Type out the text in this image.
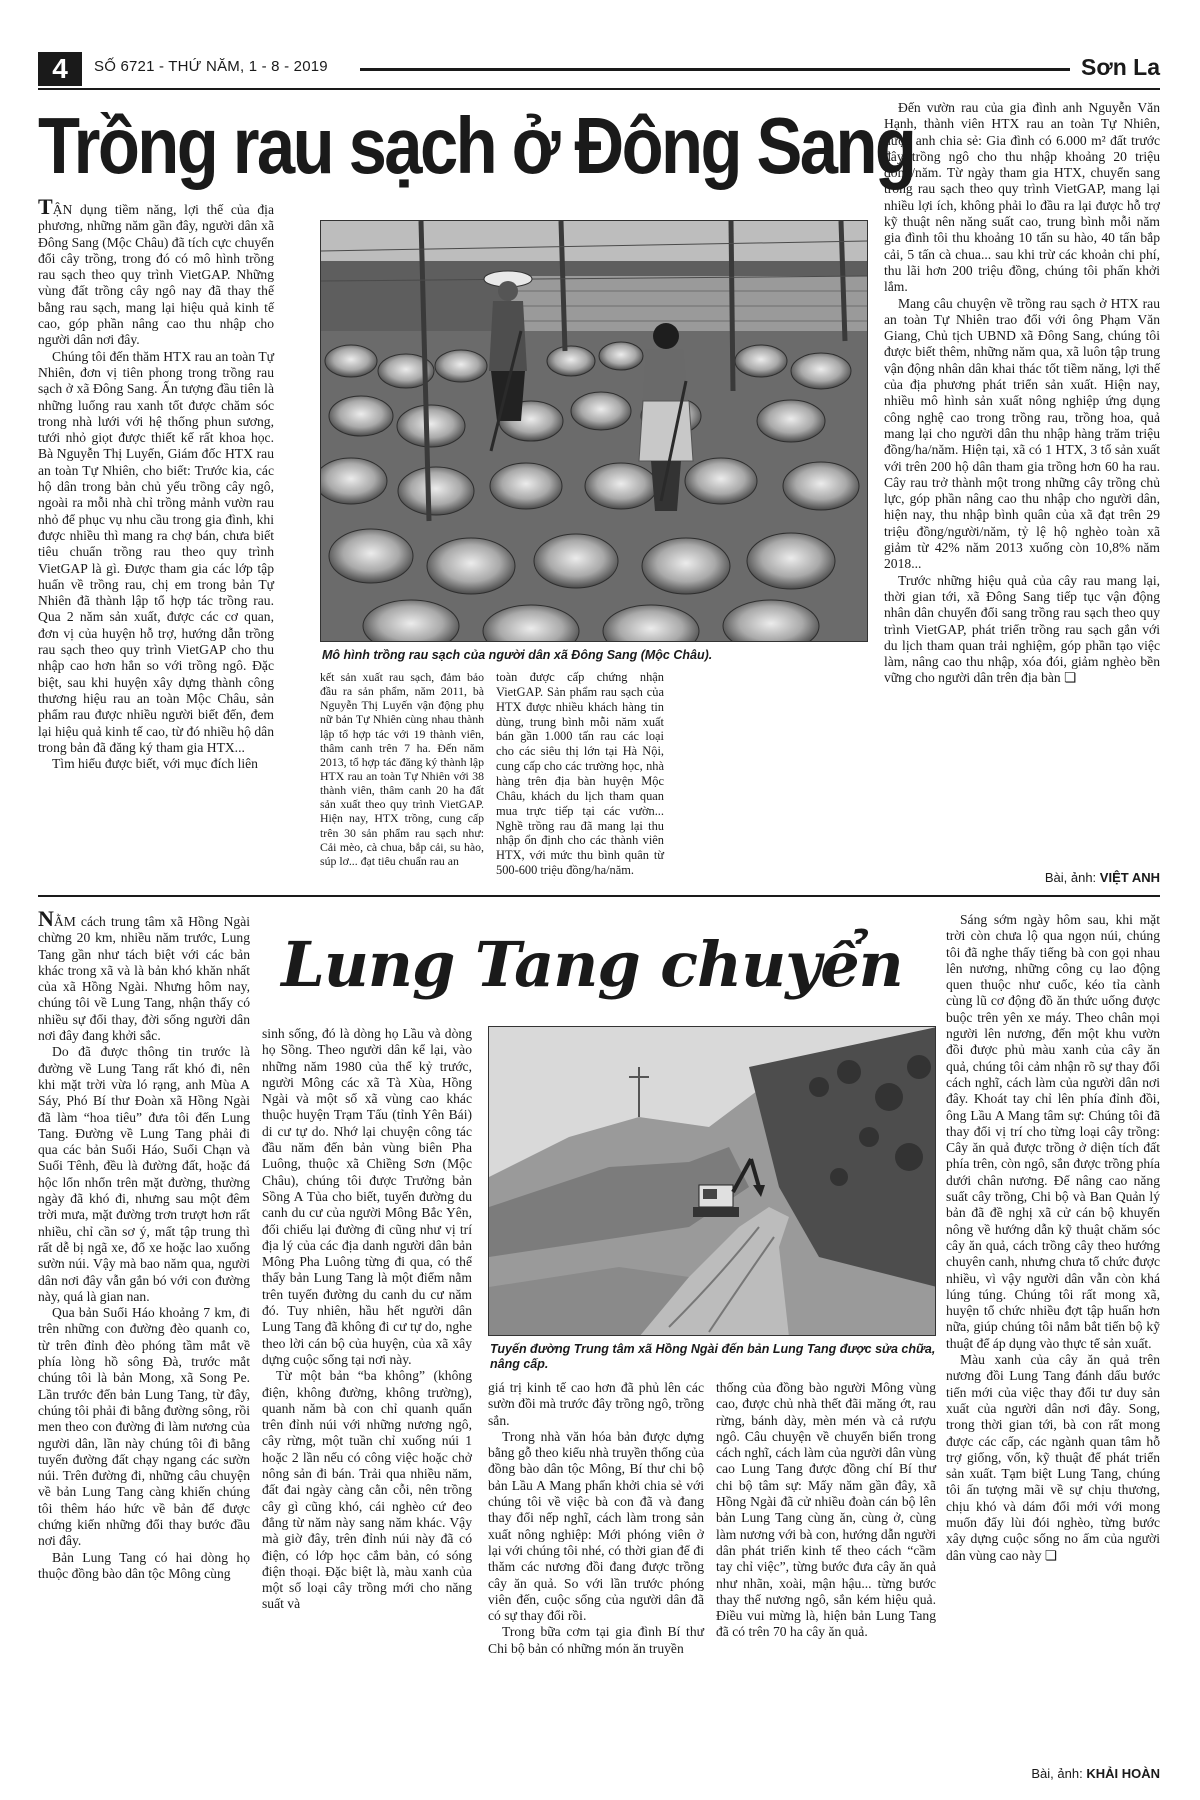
4	SỐ 6721 - THỨ NĂM, 1 - 8 - 2019	Sơn La
Trồng rau sạch ở Đông Sang

TẬN dụng tiềm năng, lợi thế của địa phương, những năm gần đây, người dân xã Đông Sang (Mộc Châu) đã tích cực chuyển đổi cây trồng, trong đó có mô hình trồng rau sạch theo quy trình VietGAP. Những vùng đất trồng cây ngô nay đã thay thế bằng rau sạch, mang lại hiệu quả kinh tế cao, góp phần nâng cao thu nhập cho người dân nơi đây.

Chúng tôi đến thăm HTX rau an toàn Tự Nhiên, đơn vị tiên phong trong trồng rau sạch ở xã Đông Sang. Ấn tượng đầu tiên là những luống rau xanh tốt được chăm sóc trong nhà lưới với hệ thống phun sương, tưới nhỏ giọt được thiết kế rất khoa học. Bà Nguyễn Thị Luyến, Giám đốc HTX rau an toàn Tự Nhiên, cho biết: Trước kia, các hộ dân trong bản chủ yếu trồng cây ngô, ngoài ra mỗi nhà chỉ trồng mảnh vườn rau nhỏ để phục vụ nhu cầu trong gia đình, khi được nhiều thì mang ra chợ bán, chưa biết tiêu chuẩn trồng rau theo quy trình VietGAP là gì. Được tham gia các lớp tập huấn về trồng rau, chị em trong bản Tự Nhiên đã thành lập tổ hợp tác trồng rau. Qua 2 năm sản xuất, được các cơ quan, đơn vị của huyện hỗ trợ, hướng dẫn trồng rau sạch theo quy trình VietGAP cho thu nhập cao hơn hẳn so với trồng ngô. Đặc biệt, sau khi huyện xây dựng thành công thương hiệu rau an toàn Mộc Châu, sản phẩm rau được nhiều người biết đến, đem lại hiệu quả kinh tế cao, từ đó nhiều hộ dân trong bản đã đăng ký tham gia HTX...

Tìm hiểu được biết, với mục đích liên

Mô hình trồng rau sạch của người dân xã Đông Sang (Mộc Châu).

kết sản xuất rau sạch, đảm bảo đầu ra sản phẩm, năm 2011, bà Nguyễn Thị Luyến vận động phụ nữ bản Tự Nhiên cùng nhau thành lập tổ hợp tác với 19 thành viên, thâm canh trên 7 ha. Đến năm 2013, tổ hợp tác đăng ký thành lập HTX rau an toàn Tự Nhiên với 38 thành viên, thâm canh 20 ha đất sản xuất theo quy trình VietGAP. Hiện nay, HTX trồng, cung cấp trên 30 sản phẩm rau sạch như: Cải mèo, cà chua, bắp cải, su hào, súp lơ... đạt tiêu chuẩn rau an

toàn được cấp chứng nhận VietGAP. Sản phẩm rau sạch của HTX được nhiều khách hàng tin dùng, trung bình mỗi năm xuất bán gần 1.000 tấn rau các loại cho các siêu thị lớn tại Hà Nội, cung cấp cho các trường học, nhà hàng trên địa bàn huyện Mộc Châu, khách du lịch tham quan mua trực tiếp tại các vườn... Nghề trồng rau đã mang lại thu nhập ổn định cho các thành viên HTX, với mức thu bình quân từ 500-600 triệu đồng/ha/năm.

Đến vườn rau của gia đình anh Nguyễn Văn Hạnh, thành viên HTX rau an toàn Tự Nhiên, được anh chia sẻ: Gia đình có 6.000 m² đất trước đây trồng ngô cho thu nhập khoảng 20 triệu đồng/năm. Từ ngày tham gia HTX, chuyển sang trồng rau sạch theo quy trình VietGAP, mang lại nhiều lợi ích, không phải lo đầu ra lại được hỗ trợ kỹ thuật nên năng suất cao, trung bình mỗi năm gia đình tôi thu khoảng 10 tấn su hào, 40 tấn bắp cải, 5 tấn cà chua... sau khi trừ các khoản chi phí, thu lãi hơn 200 triệu đồng, chúng tôi phấn khởi lắm.

Mang câu chuyện về trồng rau sạch ở HTX rau an toàn Tự Nhiên trao đổi với ông Phạm Văn Giang, Chủ tịch UBND xã Đông Sang, chúng tôi được biết thêm, những năm qua, xã luôn tập trung vận động nhân dân khai thác tốt tiềm năng, lợi thế của địa phương phát triển sản xuất. Hiện nay, nhiều mô hình sản xuất nông nghiệp ứng dụng công nghệ cao trong trồng rau, trồng hoa, quả mang lại cho người dân thu nhập hàng trăm triệu đồng/ha/năm. Hiện tại, xã có 1 HTX, 3 tổ sản xuất với trên 200 hộ dân tham gia trồng hơn 60 ha rau. Cây rau trở thành một trong những cây trồng chủ lực, góp phần nâng cao thu nhập cho người dân, hiện nay, thu nhập bình quân của xã đạt trên 29 triệu đồng/người/năm, tỷ lệ hộ nghèo toàn xã giảm từ 42% năm 2013 xuống còn 10,8% năm 2018...

Trước những hiệu quả của cây rau mang lại, thời gian tới, xã Đông Sang tiếp tục vận động nhân dân chuyển đổi sang trồng rau sạch theo quy trình VietGAP, phát triển trồng rau sạch gắn với du lịch tham quan trải nghiệm, góp phần tạo việc làm, nâng cao thu nhập, xóa đói, giảm nghèo bền vững cho người dân trên địa bàn ❏

Bài, ảnh: VIỆT ANH
Lung Tang chuyển

NẰM cách trung tâm xã Hồng Ngài chừng 20 km, nhiều năm trước, Lung Tang gần như tách biệt với các bản khác trong xã và là bản khó khăn nhất của xã Hồng Ngài. Nhưng hôm nay, chúng tôi về Lung Tang, nhận thấy có nhiều sự đổi thay, đời sống người dân nơi đây đang khởi sắc.

Do đã được thông tin trước là đường về Lung Tang rất khó đi, nên khi mặt trời vừa ló rạng, anh Mùa A Sáy, Phó Bí thư Đoàn xã Hồng Ngài đã làm “hoa tiêu” đưa tôi đến Lung Tang. Đường về Lung Tang phải đi qua các bản Suối Háo, Suối Chạn và Suối Tênh, đều là đường đất, hoặc đá hộc lổn nhổn trên mặt đường, thường ngày đã khó đi, nhưng sau một đêm trời mưa, mặt đường trơn trượt hơn rất nhiều, chỉ cần sơ ý, mất tập trung thì rất dễ bị ngã xe, đổ xe hoặc lao xuống sườn núi. Vậy mà bao năm qua, người dân nơi đây vẫn gắn bó với con đường này, quá là gian nan.

Qua bản Suối Háo khoảng 7 km, đi trên những con đường đèo quanh co, từ trên đỉnh đèo phóng tầm mắt về phía lòng hồ sông Đà, trước mắt chúng tôi là bản Mong, xã Song Pe. Lần trước đến bản Lung Tang, từ đây, chúng tôi phải đi bằng đường sông, rồi men theo con đường đi làm nương của người dân, lần này chúng tôi đi bằng tuyến đường đất chạy ngang các sườn núi. Trên đường đi, những câu chuyện về bản Lung Tang càng khiến chúng tôi thêm háo hức về bản để được chứng kiến những đổi thay bước đầu nơi đây.

Bản Lung Tang có hai dòng họ thuộc đồng bào dân tộc Mông cùng

sinh sống, đó là dòng họ Lầu và dòng họ Sồng. Theo người dân kể lại, vào những năm 1980 của thế kỷ trước, người Mông các xã Tà Xùa, Hồng Ngài và một số xã vùng cao khác thuộc huyện Trạm Tấu (tỉnh Yên Bái) di cư tự do. Nhớ lại chuyện công tác đầu năm đến bản vùng biên Pha Luông, thuộc xã Chiềng Sơn (Mộc Châu), chúng tôi được Trưởng bản Sồng A Tủa cho biết, tuyến đường du canh du cư của người Mông Bắc Yên, đối chiếu lại đường đi cũng như vị trí địa lý của các địa danh người dân bản Mông Pha Luông từng đi qua, có thể thấy bản Lung Tang là một điểm nằm trên tuyến đường du canh du cư năm đó. Tuy nhiên, hầu hết người dân Lung Tang đã không đi cư tự do, nghe theo lời cán bộ của huyện, của xã xây dựng cuộc sống tại nơi này.

Từ một bản “ba không” (không điện, không đường, không trường), quanh năm bà con chỉ quanh quẩn trên đỉnh núi với những nương ngô, cây rừng, một tuần chỉ xuống núi 1 hoặc 2 lần nếu có công việc hoặc chở nông sản đi bán. Trải qua nhiều năm, đất đai ngày càng cằn cỗi, nên trồng cây gì cũng khó, cái nghèo cứ đeo đẳng từ năm này sang năm khác. Vậy mà giờ đây, trên đỉnh núi này đã có điện, có lớp học cắm bản, có sóng điện thoại. Đặc biệt là, màu xanh của một số loại cây trồng mới cho năng suất và

Tuyến đường Trung tâm xã Hồng Ngài đến bản Lung Tang được sửa chữa, nâng cấp.

giá trị kinh tế cao hơn đã phủ lên các sườn đồi mà trước đây trồng ngô, trồng sắn.

Trong nhà văn hóa bản được dựng bằng gỗ theo kiểu nhà truyền thống của đồng bào dân tộc Mông, Bí thư chi bộ bản Lầu A Mang phấn khởi chia sẻ với chúng tôi về việc bà con đã và đang thay đổi nếp nghĩ, cách làm trong sản xuất nông nghiệp: Mới phóng viên ở lại với chúng tôi nhé, có thời gian để đi thăm các nương đồi đang được trồng cây ăn quả. So với lần trước phóng viên đến, cuộc sống của người dân đã có sự thay đổi rồi.

Trong bữa cơm tại gia đình Bí thư Chi bộ bản có những món ăn truyền

thống của đồng bào người Mông vùng cao, được chủ nhà thết đãi măng ớt, rau rừng, bánh dày, mèn mén và cả rượu ngô. Câu chuyện về chuyển biến trong cách nghĩ, cách làm của người dân vùng cao Lung Tang được đồng chí Bí thư chi bộ tâm sự: Mấy năm gần đây, xã Hồng Ngài đã cử nhiều đoàn cán bộ lên bản Lung Tang cùng ăn, cùng ở, cùng làm nương với bà con, hướng dẫn người dân phát triển kinh tế theo cách “cầm tay chỉ việc”, từng bước đưa cây ăn quả như nhãn, xoài, mận hậu... từng bước thay thế nương ngô, sắn kém hiệu quả. Điều vui mừng là, hiện bản Lung Tang đã có trên 70 ha cây ăn quả.

Sáng sớm ngày hôm sau, khi mặt trời còn chưa lộ qua ngọn núi, chúng tôi đã nghe thấy tiếng bà con gọi nhau lên nương, những công cụ lao động quen thuộc như cuốc, kéo tỉa cành cùng lũ cơ động đồ ăn thức uống được buộc trên yên xe máy. Theo chân mọi người lên nương, đến một khu vườn đồi được phủ màu xanh của cây ăn quả, chúng tôi cảm nhận rõ sự thay đổi cách nghĩ, cách làm của người dân nơi đây. Khoát tay chỉ lên phía đỉnh đồi, ông Lầu A Mang tâm sự: Chúng tôi đã thay đổi vị trí cho từng loại cây trồng: Cây ăn quả được trồng ở diện tích đất phía trên, còn ngô, sắn được trồng phía dưới chân nương. Để nâng cao năng suất cây trồng, Chi bộ và Ban Quản lý bản đã đề nghị xã cử cán bộ khuyến nông về hướng dẫn kỹ thuật chăm sóc cây ăn quả, cách trồng cây theo hướng chuyên canh, nhưng chưa tổ chức được nhiều, vì vậy người dân vẫn còn khá lúng túng. Chúng tôi rất mong xã, huyện tổ chức nhiều đợt tập huấn hơn nữa, giúp chúng tôi nắm bắt tiến bộ kỹ thuật để áp dụng vào thực tế sản xuất.

Màu xanh của cây ăn quả trên nương đồi Lung Tang đánh dấu bước tiến mới của việc thay đổi tư duy sản xuất của người dân nơi đây. Song, trong thời gian tới, bà con rất mong được các cấp, các ngành quan tâm hỗ trợ giống, vốn, kỹ thuật để phát triển sản xuất. Tạm biệt Lung Tang, chúng tôi ấn tượng mãi về sự chịu thương, chịu khó và dám đổi mới với mong muốn đẩy lùi đói nghèo, từng bước xây dựng cuộc sống no ấm của người dân vùng cao này ❏

Bài, ảnh: KHẢI HOÀN
